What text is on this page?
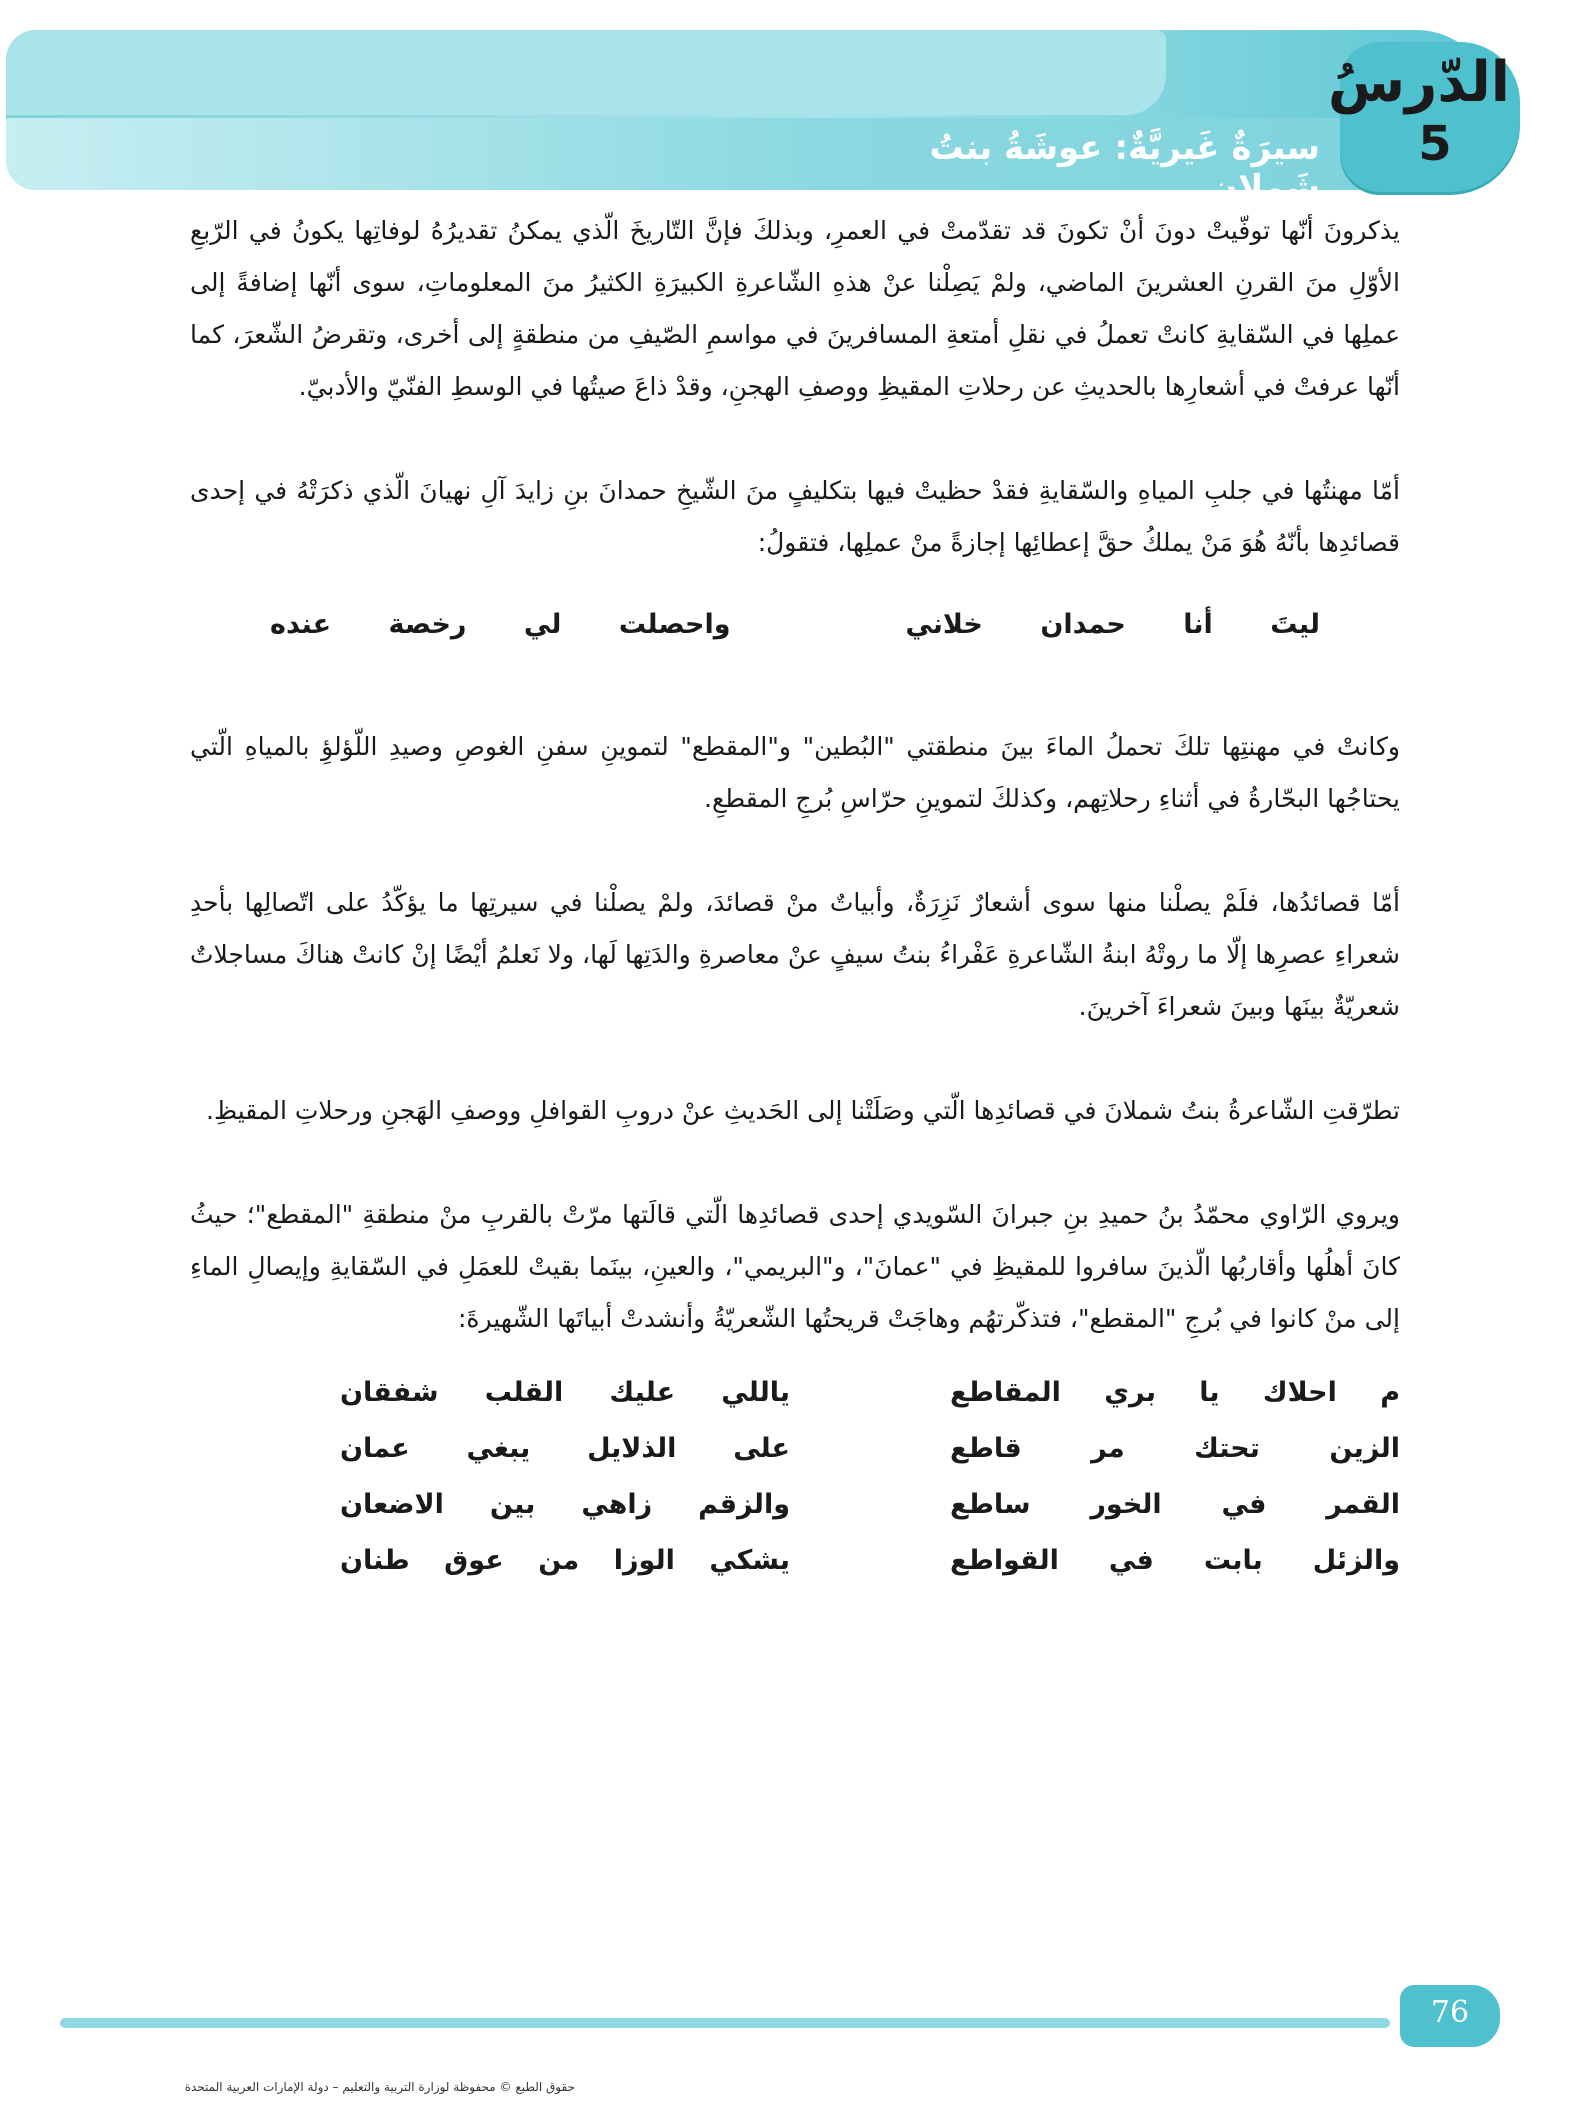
سيرَةٌ غَيريَّةٌ: عوشَةُ بنتُ شَملان
الدّرسُ
5

يذكرونَ أنّها توفّيتْ دونَ أنْ تكونَ قد تقدّمتْ في العمرِ، وبذلكَ فإنَّ التّاريخَ الّذي يمكنُ تقديرُهُ لوفاتِها يكونُ في الرّبعِ الأوّلِ منَ القرنِ العشرينَ الماضي، ولمْ يَصِلْنا عنْ هذهِ الشّاعرةِ الكبيرَةِ الكثيرُ منَ المعلوماتِ، سوى أنّها إضافةً إلى عملِها في السّقايةِ كانتْ تعملُ في نقلِ أمتعةِ المسافرينَ في مواسمِ الصّيفِ من منطقةٍ إلى أخرى، وتقرضُ الشّعرَ، كما أنّها عرفتْ في أشعارِها بالحديثِ عن رحلاتِ المقيظِ ووصفِ الهجنِ، وقدْ ذاعَ صيتُها في الوسطِ الفنّيّ والأدبيّ.

أمّا مهنتُها في جلبِ المياهِ والسّقايةِ فقدْ حظيتْ فيها بتكليفٍ منَ الشّيخِ حمدانَ بنِ زايدَ آلِ نهيانَ الّذي ذكرَتْهُ في إحدى قصائدِها بأنّهُ هُوَ مَنْ يملكُ حقَّ إعطائِها إجازةً منْ عملِها، فتقولُ:

ليتَ
أنا
حمدان
خلاني
واحصلت
لي
رخصة
عنده

وكانتْ في مهنتِها تلكَ تحملُ الماءَ بينَ منطقتي "البُطين" و"المقطع" لتموينِ سفنِ الغوصِ وصيدِ اللّؤلؤِ بالمياهِ الّتي يحتاجُها البحّارةُ في أثناءِ رحلاتِهم، وكذلكَ لتموينِ حرّاسِ بُرجِ المقطعِ.

أمّا قصائدُها، فلَمْ يصلْنا منها سوى أشعارٌ نَزِرَةٌ، وأبياتٌ منْ قصائدَ، ولمْ يصلْنا في سيرتِها ما يؤكّدُ على اتّصالِها بأحدِ شعراءِ عصرِها إلّا ما روتْهُ ابنةُ الشّاعرةِ عَفْراءُ بنتُ سيفٍ عنْ معاصرةِ والدَتِها لَها، ولا نَعلمُ أيْضًا إنْ كانتْ هناكَ مساجلاتٌ شعريّةٌ بينَها وبينَ شعراءَ آخرينَ.

تطرّقتِ الشّاعرةُ بنتُ شملانَ في قصائدِها الّتي وصَلَتْنا إلى الحَديثِ عنْ دروبِ القوافلِ ووصفِ الهَجنِ ورحلاتِ المقيظِ.

ويروي الرّاوي محمّدُ بنُ حميدِ بنِ جبرانَ السّويدي إحدى قصائدِها الّتي قالَتها مرّتْ بالقربِ منْ منطقةِ "المقطع"؛ حيثُ كانَ أهلُها وأقاربُها الّذينَ سافروا للمقيظِ في "عمانَ"، و"البريمي"، والعينِ، بينَما بقيتْ للعمَلِ في السّقايةِ وإيصالِ الماءِ إلى منْ كانوا في بُرجِ "المقطع"، فتذكّرتهُم وهاجَتْ قريحتُها الشّعريّةُ وأنشدتْ أبياتَها الشّهيرةَ:

م احلاك يا بري المقاطع
ياللي عليك القلب شفقان
الزين تحتك مر قاطع
على الذلايل يبغي عمان
القمر في الخور ساطع
والزقم زاهي بين الاضعان
والزئل بابت في القواطع
يشكي الوزا من عوق طنان
76
حقوق الطبع © محفوظة لوزارة التربية والتعليم – دولة الإمارات العربية المتحدة
